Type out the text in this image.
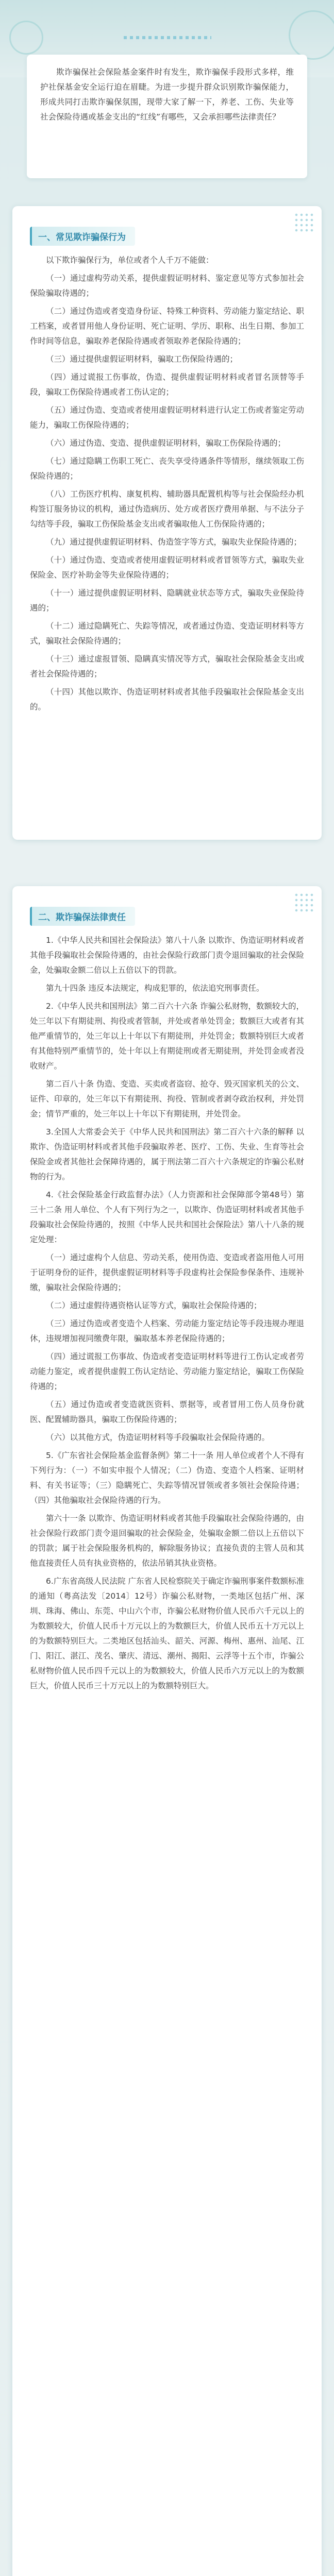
欺诈骗保社会保险基金案件时有发生，欺诈骗保手段形式多样，维护社保基金安全运行迫在眉睫。为进一步提升群众识别欺诈骗保能力，形成共同打击欺诈骗保氛围，现带大家了解一下，养老、工伤、失业等社会保险待遇或基金支出的“红线”有哪些，又会承担哪些法律责任？
一、常见欺诈骗保行为

以下欺诈骗保行为，单位或者个人千万不能做：

（一）通过虚构劳动关系，提供虚假证明材料、鉴定意见等方式参加社会保险骗取待遇的；

（二）通过伪造或者变造身份证、特殊工种资料、劳动能力鉴定结论、职工档案，或者冒用他人身份证明、死亡证明、学历、职称、出生日期、参加工作时间等信息，骗取养老保险待遇或者领取养老保险待遇的；

（三）通过提供虚假证明材料，骗取工伤保险待遇的；

（四）通过谎报工伤事故，伪造、提供虚假证明材料或者冒名顶替等手段，骗取工伤保险待遇或者工伤认定的；

（五）通过伪造、变造或者使用虚假证明材料进行认定工伤或者鉴定劳动能力，骗取工伤保险待遇的；

（六）通过伪造、变造、提供虚假证明材料，骗取工伤保险待遇的；

（七）通过隐瞒工伤职工死亡、丧失享受待遇条件等情形，继续领取工伤保险待遇的；

（八）工伤医疗机构、康复机构、辅助器具配置机构等与社会保险经办机构签订服务协议的机构，通过伪造病历、处方或者医疗费用单据、与不法分子勾结等手段，骗取工伤保险基金支出或者骗取他人工伤保险待遇的；

（九）通过提供虚假证明材料、伪造签字等方式，骗取失业保险待遇的；

（十）通过伪造、变造或者使用虚假证明材料或者冒领等方式，骗取失业保险金、医疗补助金等失业保险待遇的；

（十一）通过提供虚假证明材料、隐瞒就业状态等方式，骗取失业保险待遇的；

（十二）通过隐瞒死亡、失踪等情况，或者通过伪造、变造证明材料等方式，骗取社会保险待遇的；

（十三）通过虚报冒领、隐瞒真实情况等方式，骗取社会保险基金支出或者社会保险待遇的；

（十四）其他以欺诈、伪造证明材料或者其他手段骗取社会保险基金支出的。

二、欺诈骗保法律责任

1.《中华人民共和国社会保险法》第八十八条 以欺诈、伪造证明材料或者其他手段骗取社会保险待遇的，由社会保险行政部门责令退回骗取的社会保险金，处骗取金额二倍以上五倍以下的罚款。

第九十四条 违反本法规定，构成犯罪的，依法追究刑事责任。

2.《中华人民共和国刑法》第二百六十六条 诈骗公私财物，数额较大的，处三年以下有期徒刑、拘役或者管制，并处或者单处罚金；数额巨大或者有其他严重情节的，处三年以上十年以下有期徒刑，并处罚金；数额特别巨大或者有其他特别严重情节的，处十年以上有期徒刑或者无期徒刑，并处罚金或者没收财产。

第二百八十条 伪造、变造、买卖或者盗窃、抢夺、毁灭国家机关的公文、证件、印章的，处三年以下有期徒刑、拘役、管制或者剥夺政治权利，并处罚金；情节严重的，处三年以上十年以下有期徒刑，并处罚金。

3.全国人大常委会关于《中华人民共和国刑法》第二百六十六条的解释 以欺诈、伪造证明材料或者其他手段骗取养老、医疗、工伤、失业、生育等社会保险金或者其他社会保障待遇的，属于刑法第二百六十六条规定的诈骗公私财物的行为。

4.《社会保险基金行政监督办法》（人力资源和社会保障部令第48号）第三十二条 用人单位、个人有下列行为之一，以欺诈、伪造证明材料或者其他手段骗取社会保险待遇的，按照《中华人民共和国社会保险法》第八十八条的规定处理：

（一）通过虚构个人信息、劳动关系，使用伪造、变造或者盗用他人可用于证明身份的证件，提供虚假证明材料等手段虚构社会保险参保条件、违规补缴，骗取社会保险待遇的；

（二）通过虚假待遇资格认证等方式，骗取社会保险待遇的；

（三）通过伪造或者变造个人档案、劳动能力鉴定结论等手段违规办理退休，违规增加视同缴费年限，骗取基本养老保险待遇的；

（四）通过谎报工伤事故、伪造或者变造证明材料等进行工伤认定或者劳动能力鉴定，或者提供虚假工伤认定结论、劳动能力鉴定结论，骗取工伤保险待遇的；

（五）通过伪造或者变造就医资料、票据等，或者冒用工伤人员身份就医、配置辅助器具，骗取工伤保险待遇的；

（六）以其他方式，伪造证明材料等手段骗取社会保险待遇的。

5.《广东省社会保险基金监督条例》第二十一条 用人单位或者个人不得有下列行为：（一）不如实申报个人情况；（二）伪造、变造个人档案、证明材料、有关书证等；（三）隐瞒死亡、失踪等情况冒领或者多领社会保险待遇；（四）其他骗取社会保险待遇的行为。

第六十一条 以欺诈、伪造证明材料或者其他手段骗取社会保险待遇的，由社会保险行政部门责令退回骗取的社会保险金，处骗取金额二倍以上五倍以下的罚款；属于社会保险服务机构的，解除服务协议；直接负责的主管人员和其他直接责任人员有执业资格的，依法吊销其执业资格。

6.广东省高级人民法院 广东省人民检察院关于确定诈骗刑事案件数额标准的通知（粤高法发〔2014〕12号）诈骗公私财物，一类地区包括广州、深圳、珠海、佛山、东莞、中山六个市，诈骗公私财物价值人民币六千元以上的为数额较大，价值人民币十万元以上的为数额巨大，价值人民币五十万元以上的为数额特别巨大。二类地区包括汕头、韶关、河源、梅州、惠州、汕尾、江门、阳江、湛江、茂名、肇庆、清远、潮州、揭阳、云浮等十五个市，诈骗公私财物价值人民币四千元以上的为数额较大，价值人民币六万元以上的为数额巨大，价值人民币三十万元以上的为数额特别巨大。
